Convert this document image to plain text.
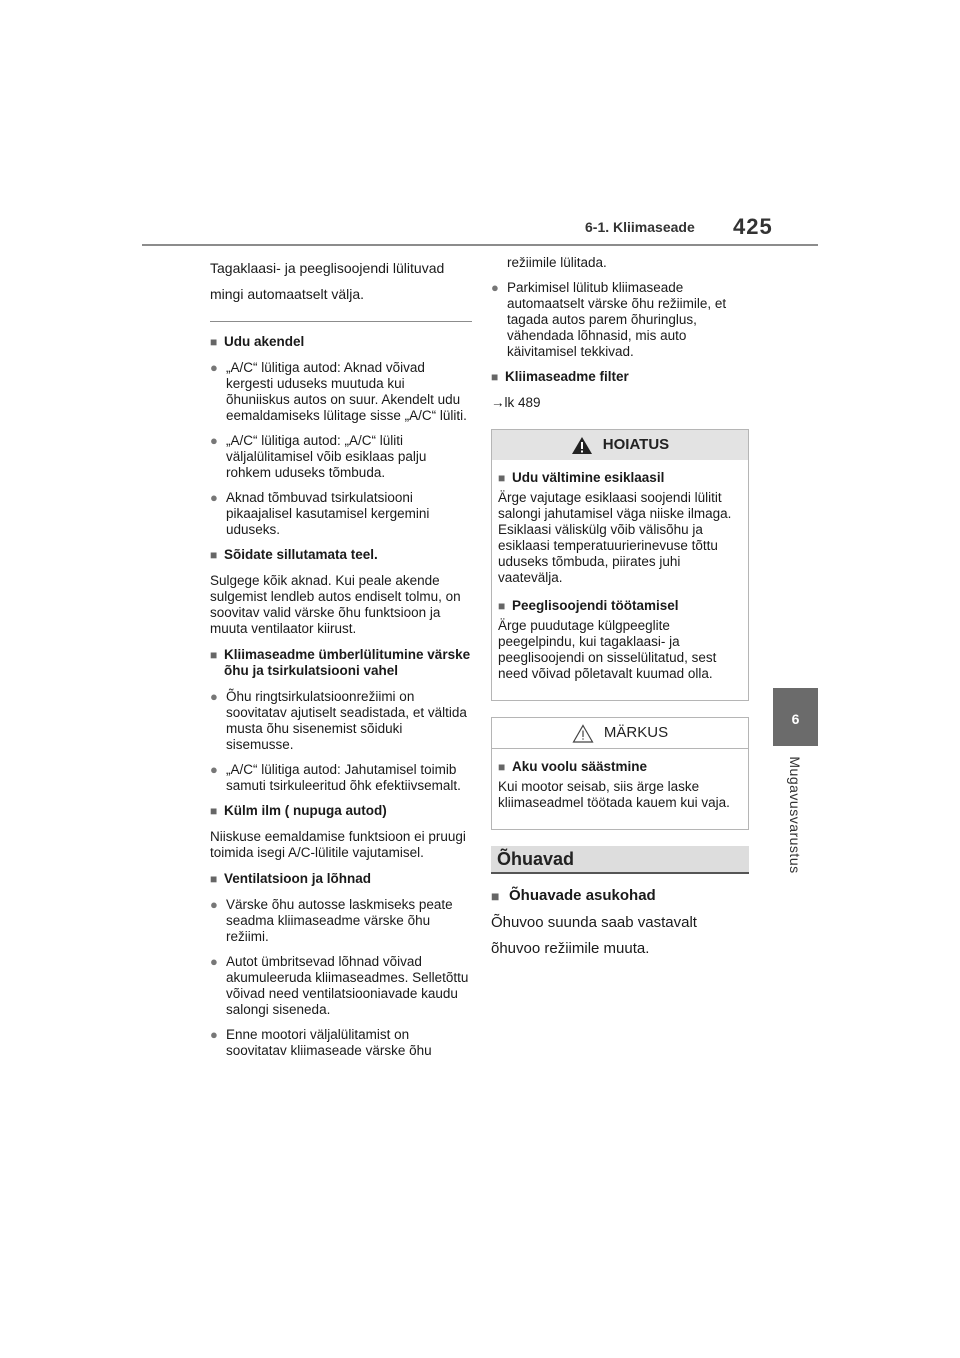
6-1. Kliimaseade 425
6
Mugavusvarustus

Tagaklaasi- ja peeglisoojendi lülituvad mingi automaatselt välja.

■ Udu akendel

● „A/C“ lülitiga autod: Aknad võivad kergesti uduseks muutuda kui õhuniiskus autos on suur. Akendelt udu eemaldamiseks lülitage sisse „A/C“ lüliti.

● „A/C“ lülitiga autod: „A/C“ lüliti väljalülitamisel võib esiklaas palju rohkem uduseks tõmbuda.

● Aknad tõmbuvad tsirkulatsiooni pikaajalisel kasutamisel kergemini uduseks.

■ Sõidate sillutamata teel.

Sulgege kõik aknad. Kui peale akende sulgemist lendleb autos endiselt tolmu, on soovitav valid värske õhu funktsioon ja muuta ventilaator kiirust.

■ Kliimaseadme ümberlülitumine värske õhu ja tsirkulatsiooni vahel

● Õhu ringtsirkulatsioonrežiimi on soovitatav ajutiselt seadistada, et vältida musta õhu sisenemist sõiduki sisemusse.

● „A/C“ lülitiga autod: Jahutamisel toimib samuti tsirkuleeritud õhk efektiivsemalt.

■ Külm ilm ( nupuga autod)

Niiskuse eemaldamise funktsioon ei pruugi toimida isegi A/C-lülitile vajutamisel.

■ Ventilatsioon ja lõhnad

● Värske õhu autosse laskmiseks peate seadma kliimaseadme värske õhu režiimi.

● Autot ümbritsevad lõhnad võivad akumuleeruda kliimaseadmes. Selletõttu võivad need ventilatsiooniavade kaudu salongi siseneda.

● Enne mootori väljalülitamist on soovitatav kliimaseade värske õhu

režiimile lülitada.

● Parkimisel lülitub kliimaseade automaatselt värske õhu režiimile, et tagada autos parem õhuringlus, vähendada lõhnasid, mis auto käivitamisel tekkivad.

■ Kliimaseadme filter

→lk 489

HOIATUS

■ Udu vältimine esiklaasil

Ärge vajutage esiklaasi soojendi lülitit salongi jahutamisel väga niiske ilmaga. Esiklaasi väliskülg võib välisõhu ja esiklaasi temperatuurierinevuse tõttu uduseks tõmbuda, piirates juhi vaatevälja.

■ Peeglisoojendi töötamisel

Ärge puudutage külgpeeglite peegelpindu, kui tagaklaasi- ja peeglisoojendi on sisselülitatud, sest need võivad põletavalt kuumad olla.

MÄRKUS

■ Aku voolu säästmine

Kui mootor seisab, siis ärge laske kliimaseadmel töötada kauem kui vaja.

Õhuavad

■ Õhuavade asukohad

Õhuvoo suunda saab vastavalt õhuvoo režiimile muuta.
